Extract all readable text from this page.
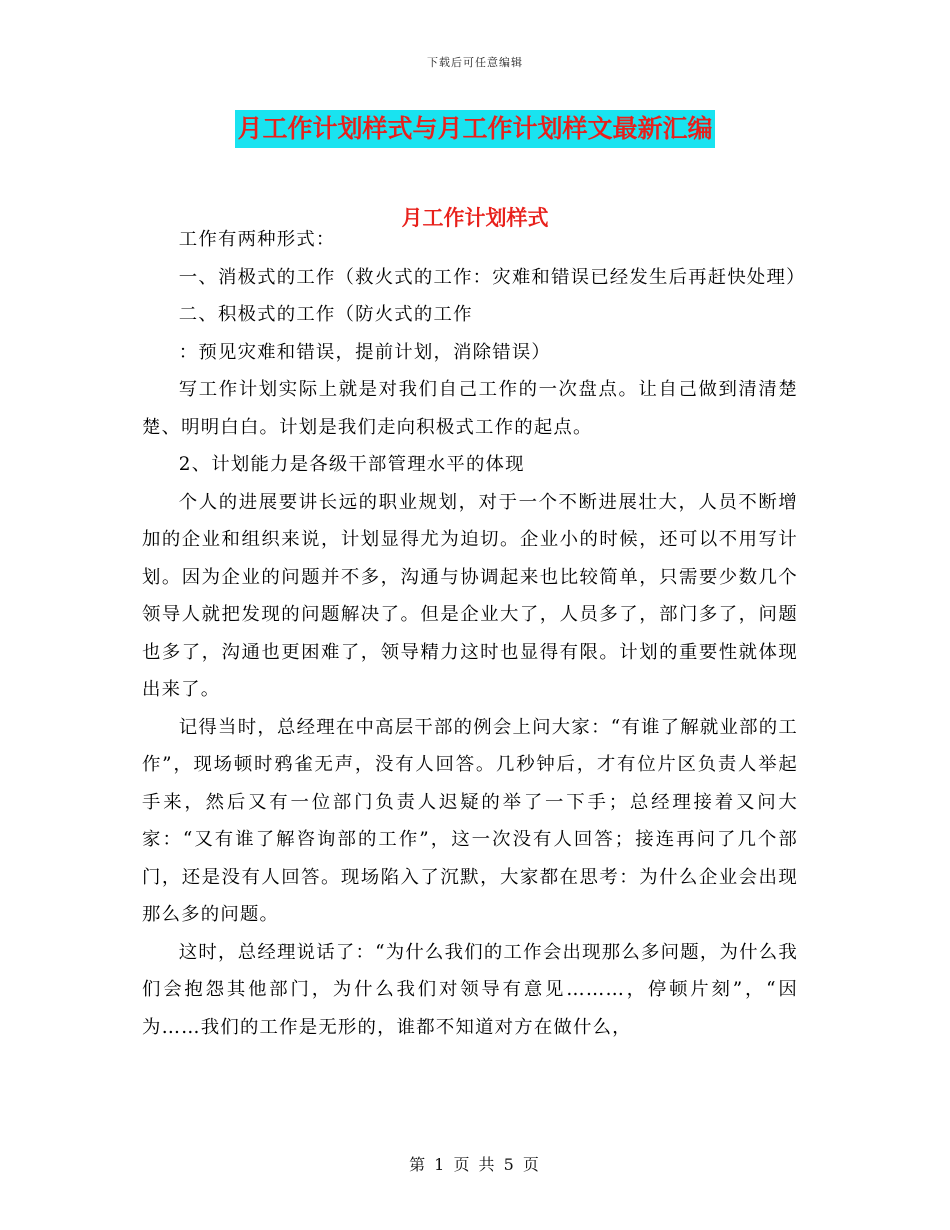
下载后可任意编辑
月工作计划样式与月工作计划样文最新汇编
月工作计划样式

工作有两种形式：

一、消极式的工作（救火式的工作：灾难和错误已经发生后再赶快处理）

二、积极式的工作（防火式的工作

：预见灾难和错误，提前计划，消除错误）

写工作计划实际上就是对我们自己工作的一次盘点。让自己做到清清楚楚、明明白白。计划是我们走向积极式工作的起点。

2、计划能力是各级干部管理水平的体现

个人的进展要讲长远的职业规划，对于一个不断进展壮大，人员不断增加的企业和组织来说，计划显得尤为迫切。企业小的时候，还可以不用写计划。因为企业的问题并不多，沟通与协调起来也比较简单，只需要少数几个领导人就把发现的问题解决了。但是企业大了，人员多了，部门多了，问题也多了，沟通也更困难了，领导精力这时也显得有限。计划的重要性就体现出来了。

记得当时，总经理在中高层干部的例会上问大家：“有谁了解就业部的工作”，现场顿时鸦雀无声，没有人回答。几秒钟后，才有位片区负责人举起手来，然后又有一位部门负责人迟疑的举了一下手；总经理接着又问大家：“又有谁了解咨询部的工作”，这一次没有人回答；接连再问了几个部门，还是没有人回答。现场陷入了沉默，大家都在思考：为什么企业会出现那么多的问题。

这时，总经理说话了：“为什么我们的工作会出现那么多问题，为什么我们会抱怨其他部门，为什么我们对领导有意见………，停顿片刻”，“因为……我们的工作是无形的，谁都不知道对方在做什么，

第 1 页 共 5 页
